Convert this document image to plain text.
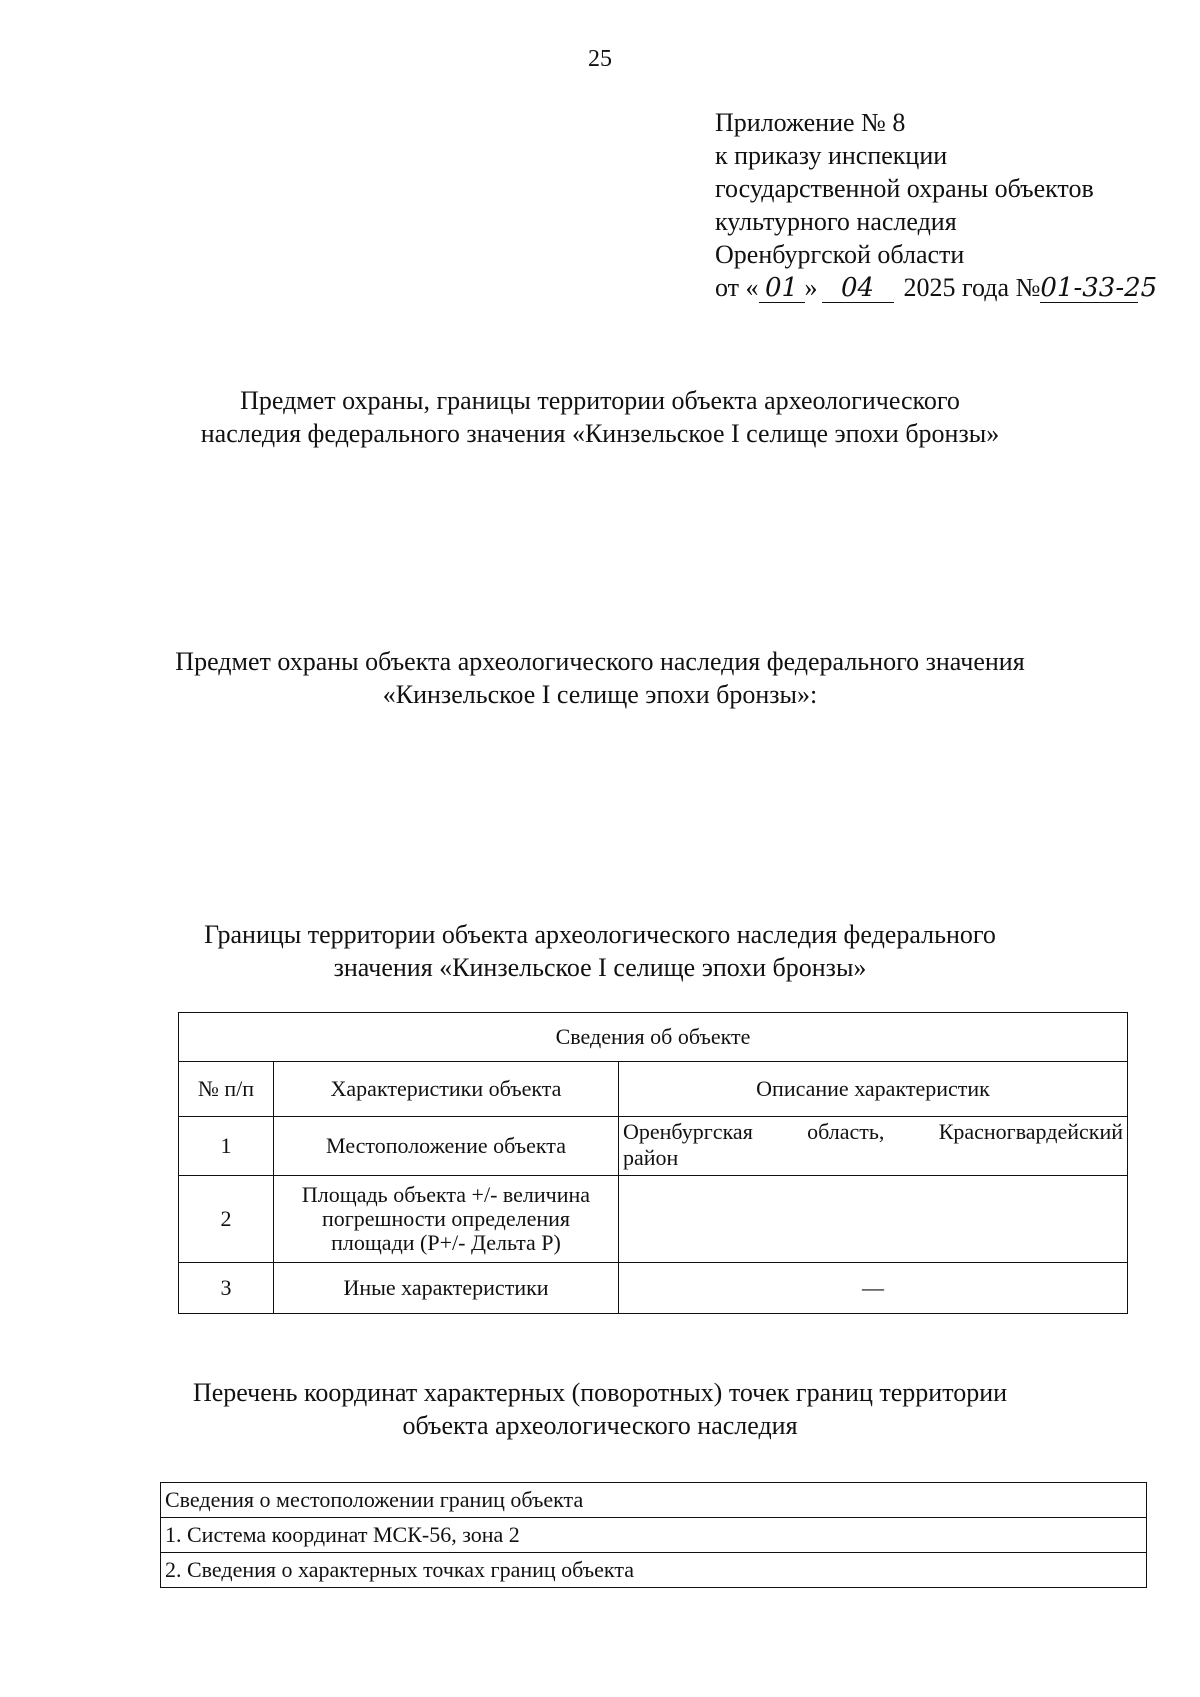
25
Приложение № 8
к приказу инспекции
государственной охраны объектов
культурного наследия
Оренбургской области
от « 01 » 04 2025 года №01-33-25
Предмет охраны, границы территории объекта археологического
наследия федерального значения «Кинзельское I селище эпохи бронзы»
Предмет охраны объекта археологического наследия федерального значения
«Кинзельское I селище эпохи бронзы»:
Границы территории объекта археологического наследия федерального
значения «Кинзельское I селище эпохи бронзы»
Сведения об объекте		
№ п/п	Характеристики объекта	Описание характеристик
1	Местоположение объекта	Оренбургская область, Красногвардейский
район

2	Площадь объекта +/- величина
погрешности определения
площади (Р+/- Дельта Р)	

3	Иные характеристики	—
Перечень координат характерных (поворотных) точек границ территории
объекта археологического наследия
Сведения о местоположении границ объекта
1. Система координат МСК-56, зона 2
2. Сведения о характерных точках границ объекта
